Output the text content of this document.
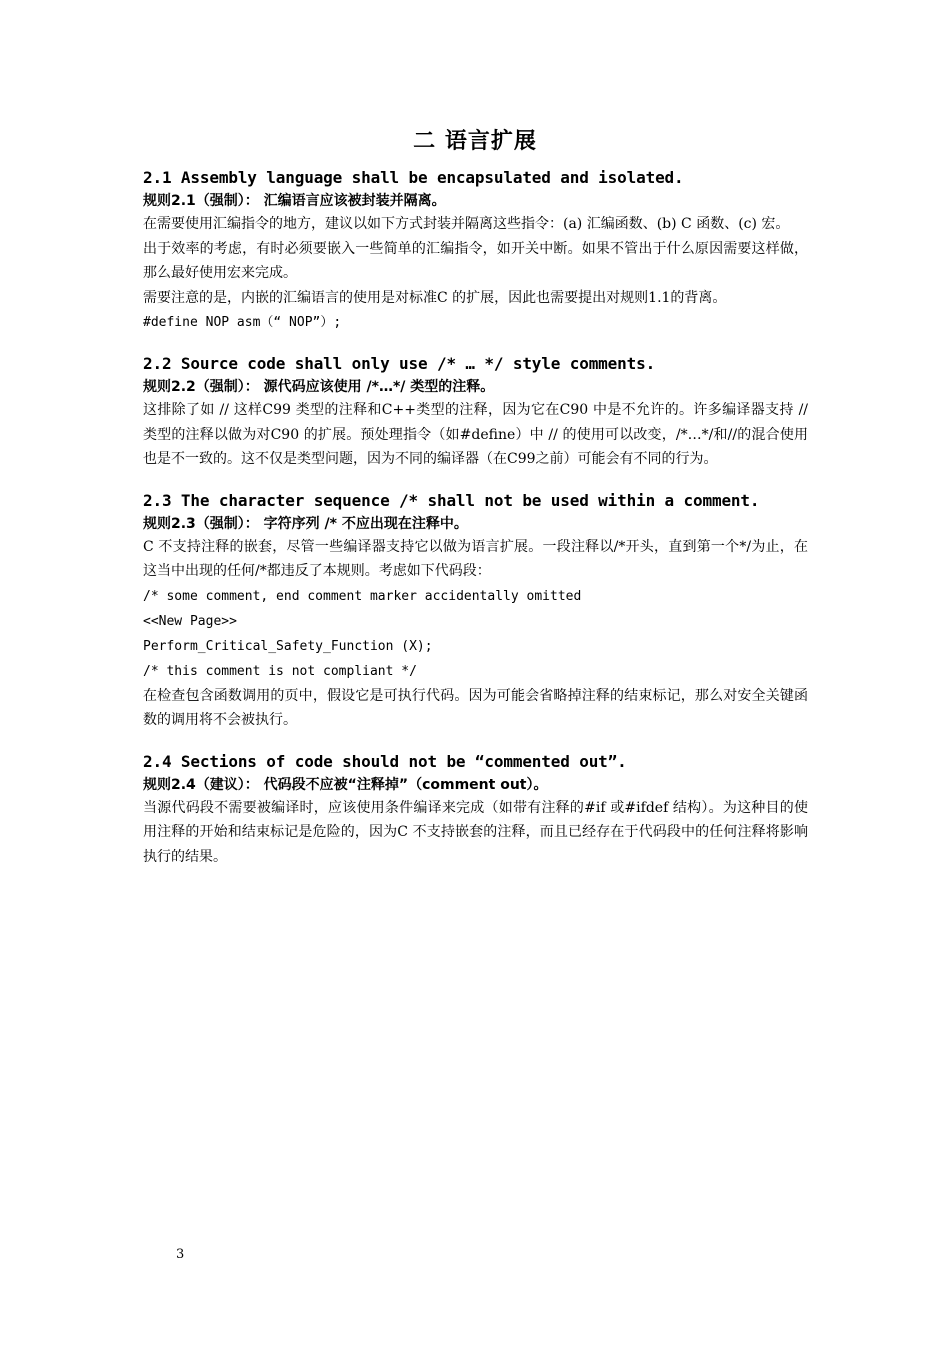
二 语言扩展
2.1 Assembly language shall be encapsulated and isolated.
规则2.1（强制）： 汇编语言应该被封装并隔离。
在需要使用汇编指令的地方，建议以如下方式封装并隔离这些指令：(a) 汇编函数、(b) C 函数、(c) 宏。
出于效率的考虑，有时必须要嵌入一些简单的汇编指令，如开关中断。如果不管出于什么原因需要这样做，那么最好使用宏来完成。
需要注意的是，内嵌的汇编语言的使用是对标准C 的扩展，因此也需要提出对规则1.1的背离。
#define NOP asm（“ NOP”）;
2.2 Source code shall only use /* … */ style comments.
规则2.2（强制）： 源代码应该使用 /*…*/ 类型的注释。
这排除了如 // 这样C99 类型的注释和C++类型的注释，因为它在C90 中是不允许的。许多编译器支持 // 类型的注释以做为对C90 的扩展。预处理指令（如#define）中 // 的使用可以改变，/*…*/和//的混合使用也是不一致的。这不仅是类型问题，因为不同的编译器（在C99之前）可能会有不同的行为。
2.3 The character sequence /* shall not be used within a comment.
规则2.3（强制）： 字符序列 /* 不应出现在注释中。
C 不支持注释的嵌套，尽管一些编译器支持它以做为语言扩展。一段注释以/*开头，直到第一个*/为止，在这当中出现的任何/*都违反了本规则。考虑如下代码段：
/* some comment, end comment marker accidentally omitted
<<New Page>>
Perform_Critical_Safety_Function (X);
/* this comment is not compliant */
在检查包含函数调用的页中，假设它是可执行代码。因为可能会省略掉注释的结束标记，那么对安全关键函数的调用将不会被执行。
2.4 Sections of code should not be “commented out”.
规则2.4（建议）： 代码段不应被“注释掉”（comment out）。
当源代码段不需要被编译时，应该使用条件编译来完成（如带有注释的#if 或#ifdef 结构）。为这种目的使用注释的开始和结束标记是危险的，因为C 不支持嵌套的注释，而且已经存在于代码段中的任何注释将影响执行的结果。
3
